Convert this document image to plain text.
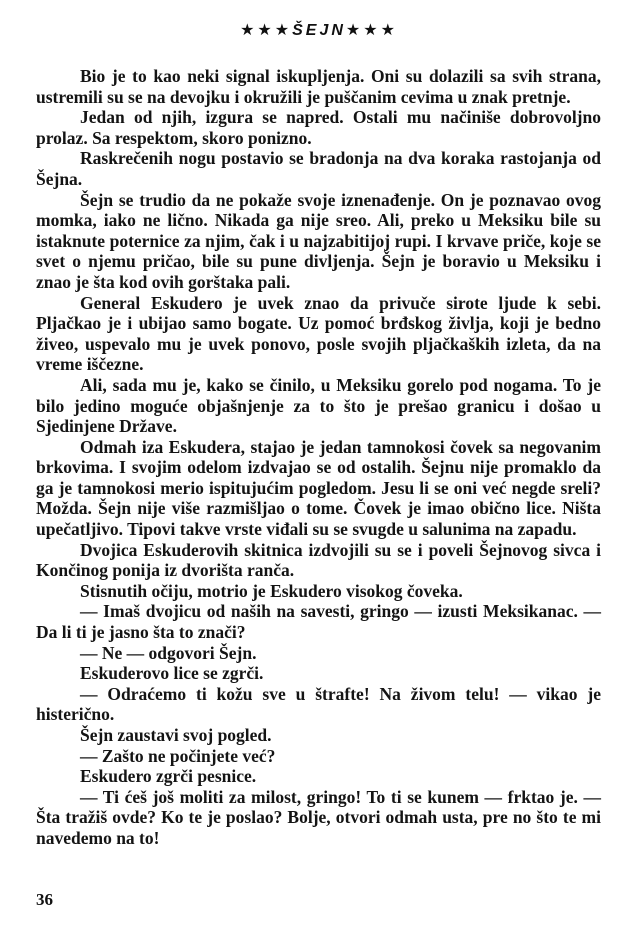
★★★ŠEJN★★★

Bio je to kao neki signal iskupljenja. Oni su dolazili sa svih strana, ustremili su se na devojku i okružili je puščanim cevima u znak pretnje.

Jedan od njih, izgura se napred. Ostali mu načiniše dobrovoljno prolaz. Sa respektom, skoro ponizno.

Raskrečenih nogu postavio se bradonja na dva koraka rastojanja od Šejna.

Šejn se trudio da ne pokaže svoje iznenađenje. On je poznavao ovog momka, iako ne lično. Nikada ga nije sreo. Ali, preko u Meksiku bile su istaknute poternice za njim, čak i u najzabitijoj rupi. I krvave priče, koje se svet o njemu pričao, bile su pune divljenja. Šejn je boravio u Meksiku i znao je šta kod ovih gorštaka pali.

General Eskudero je uvek znao da privuče sirote ljude k sebi. Pljačkao je i ubijao samo bogate. Uz pomoć brđskog življa, koji je bedno živeo, uspevalo mu je uvek ponovo, posle svojih pljačkaških izleta, da na vreme iščezne.

Ali, sada mu je, kako se činilo, u Meksiku gorelo pod nogama. To je bilo jedino moguće objašnjenje za to što je prešao granicu i došao u Sjedinjene Države.

Odmah iza Eskudera, stajao je jedan tamnokosi čovek sa negovanim brkovima. I svojim odelom izdvajao se od ostalih. Šejnu nije promaklo da ga je tamnokosi merio ispitujućim pogledom. Jesu li se oni već negde sreli? Možda. Šejn nije više razmišljao o tome. Čovek je imao obično lice. Ništa upečatljivo. Tipovi takve vrste viđali su se svugde u salunima na zapadu.

Dvojica Eskuderovih skitnica izdvojili su se i poveli Šejnovog sivca i Končinog ponija iz dvorišta ranča.

Stisnutih očiju, motrio je Eskudero visokog čoveka.

— Imaš dvojicu od naših na savesti, gringo — izusti Meksikanac. — Da li ti je jasno šta to znači?

— Ne — odgovori Šejn.

Eskuderovo lice se zgrči.

— Odraćemo ti kožu sve u štrafte! Na živom telu! — vikao je histerično.

Šejn zaustavi svoj pogled.

— Zašto ne počinjete već?

Eskudero zgrči pesnice.

— Ti ćeš još moliti za milost, gringo! To ti se kunem — frktao je. — Šta tražiš ovde? Ko te je poslao? Bolje, otvori odmah usta, pre no što te mi navedemo na to!

36
